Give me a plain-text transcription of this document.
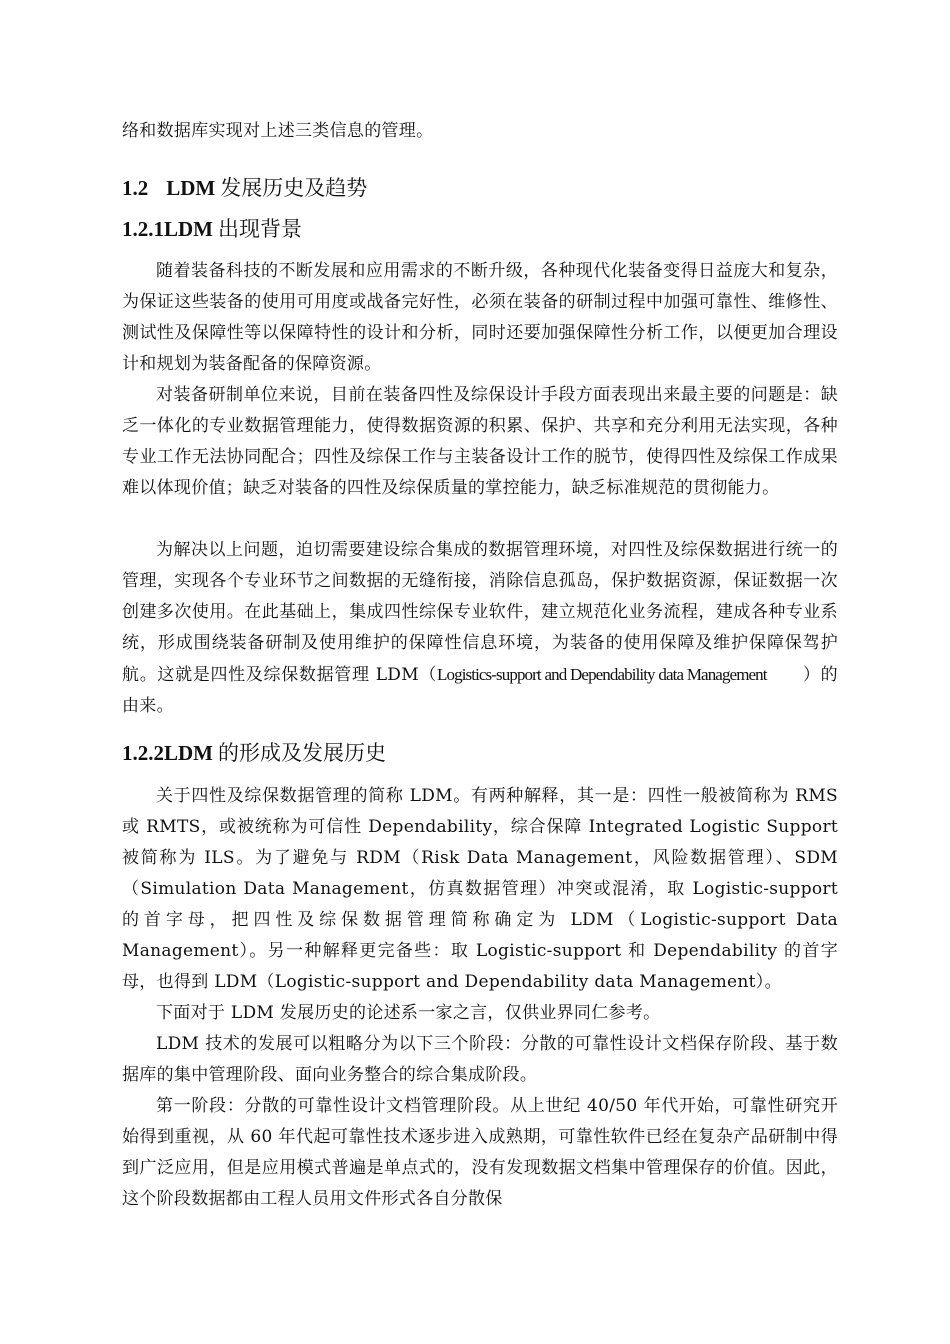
络和数据库实现对上述三类信息的管理。

1.2 LDM 发展历史及趋势
1.2.1LDM 出现背景

随着装备科技的不断发展和应用需求的不断升级，各种现代化装备变得日益庞大和复杂，为保证这些装备的使用可用度或战备完好性，必须在装备的研制过程中加强可靠性、维修性、测试性及保障性等以保障特性的设计和分析，同时还要加强保障性分析工作，以便更加合理设计和规划为装备配备的保障资源。

对装备研制单位来说，目前在装备四性及综保设计手段方面表现出来最主要的问题是：缺乏一体化的专业数据管理能力，使得数据资源的积累、保护、共享和充分利用无法实现，各种专业工作无法协同配合；四性及综保工作与主装备设计工作的脱节，使得四性及综保工作成果难以体现价值；缺乏对装备的四性及综保质量的掌控能力，缺乏标准规范的贯彻能力。

为解决以上问题，迫切需要建设综合集成的数据管理环境，对四性及综保数据进行统一的管理，实现各个专业环节之间数据的无缝衔接，消除信息孤岛，保护数据资源，保证数据一次创建多次使用。在此基础上，集成四性综保专业软件，建立规范化业务流程，建成各种专业系统，形成围绕装备研制及使用维护的保障性信息环境，为装备的使用保障及维护保障保驾护航。这就是四性及综保数据管理 LDM（Logistics-support and Dependability data Management ）的由来。

1.2.2LDM 的形成及发展历史

关于四性及综保数据管理的简称 LDM。有两种解释，其一是：四性一般被简称为 RMS 或 RMTS，或被统称为可信性 Dependability，综合保障 Integrated Logistic Support 被简称为 ILS。为了避免与 RDM（Risk Data Management，风险数据管理）、SDM（Simulation Data Management，仿真数据管理）冲突或混淆，取 Logistic-support 的首字母，把四性及综保数据管理简称确定为 LDM（Logistic-support Data Management）。另一种解释更完备些：取 Logistic-support 和 Dependability 的首字母，也得到 LDM（Logistic-support and Dependability data Management）。

下面对于 LDM 发展历史的论述系一家之言，仅供业界同仁参考。

LDM 技术的发展可以粗略分为以下三个阶段：分散的可靠性设计文档保存阶段、基于数据库的集中管理阶段、面向业务整合的综合集成阶段。

第一阶段：分散的可靠性设计文档管理阶段。从上世纪 40/50 年代开始，可靠性研究开始得到重视，从 60 年代起可靠性技术逐步进入成熟期，可靠性软件已经在复杂产品研制中得到广泛应用，但是应用模式普遍是单点式的，没有发现数据文档集中管理保存的价值。因此，这个阶段数据都由工程人员用文件形式各自分散保
